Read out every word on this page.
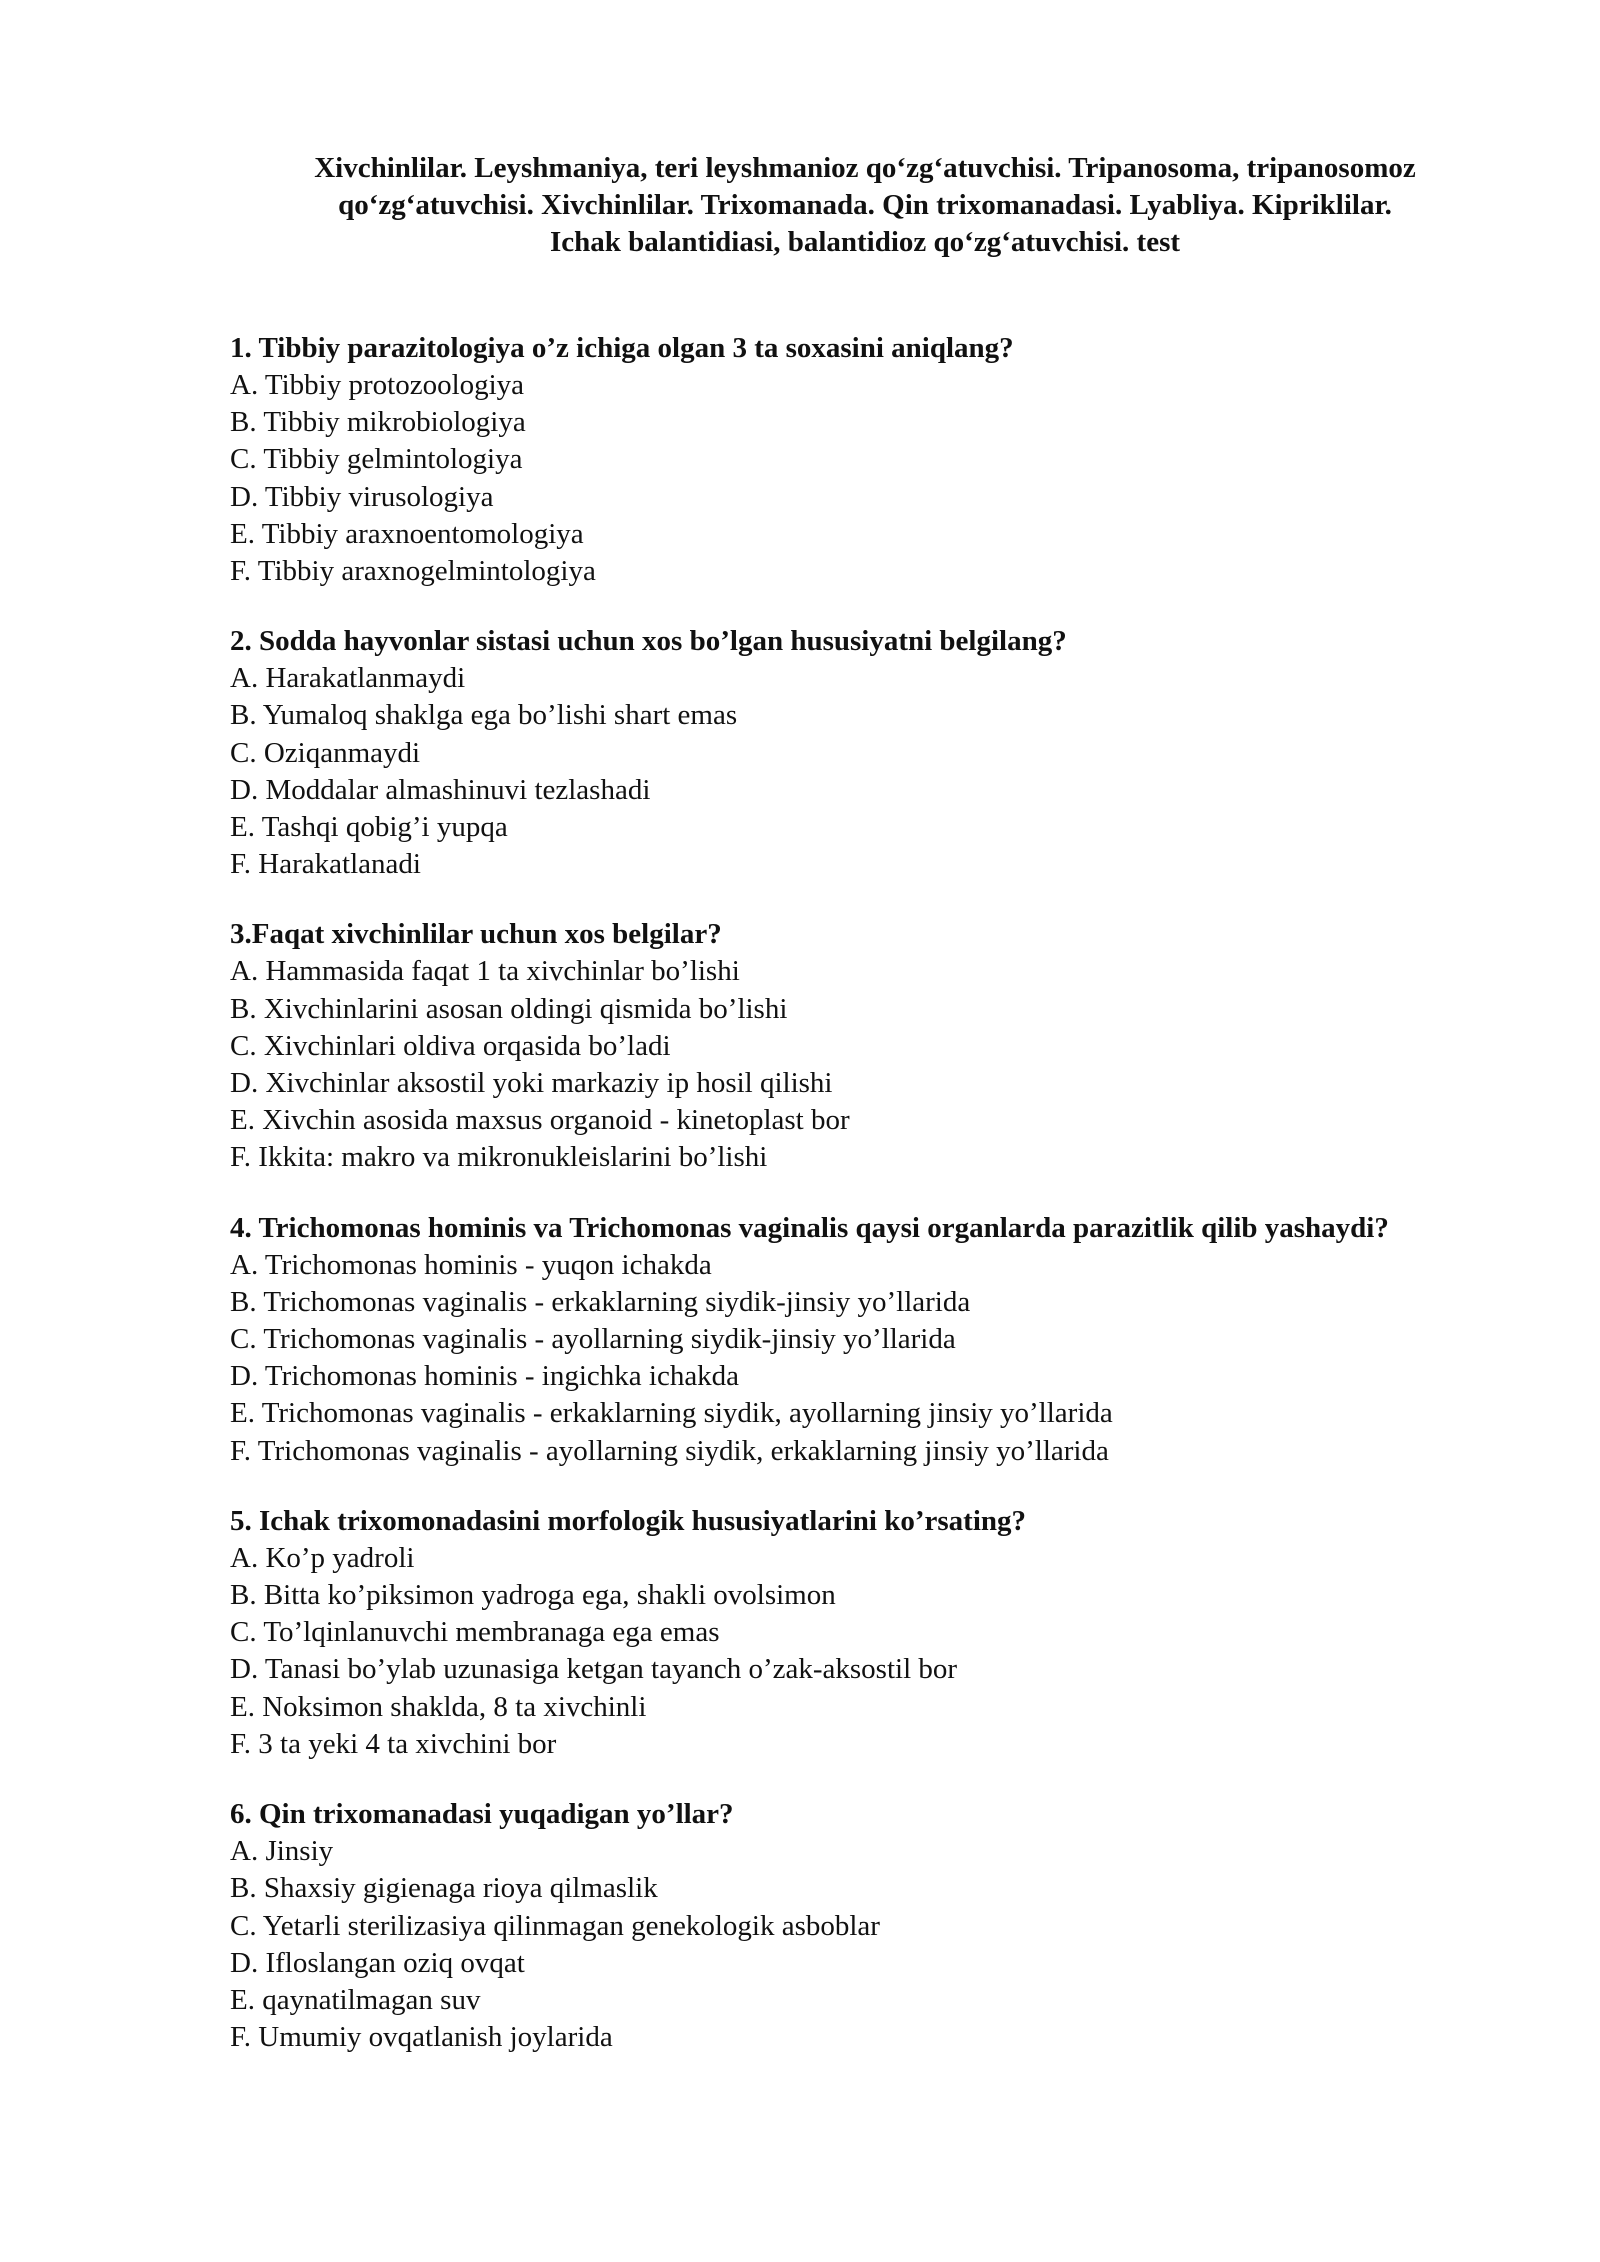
Xivchinlilar. Leyshmaniya, teri leyshmanioz qo‘zg‘atuvchisi. Tripanosoma, tripanosomoz
qo‘zg‘atuvchisi. Xivchinlilar. Trixomanada. Qin trixomanadasi. Lyabliya. Kipriklilar.
Ichak balantidiasi, balantidioz qo‘zg‘atuvchisi. test

1. Tibbiy parazitologiya o’z ichiga olgan 3 ta soxasini aniqlang?

A. Tibbiy protozoologiya
B. Tibbiy mikrobiologiya
C. Tibbiy gelmintologiya
D. Tibbiy virusologiya
E. Tibbiy araxnoentomologiya
F. Tibbiy araxnogelmintologiya

2. Sodda hayvonlar sistasi uchun xos bo’lgan hususiyatni belgilang?

A. Harakatlanmaydi
B. Yumaloq shaklga ega bo’lishi shart emas
C. Oziqanmaydi
D. Moddalar almashinuvi tezlashadi
E. Tashqi qobig’i yupqa
F. Harakatlanadi

3.Faqat xivchinlilar uchun xos belgilar?

A. Hammasida faqat 1 ta xivchinlar bo’lishi
B. Xivchinlarini asosan oldingi qismida bo’lishi
C. Xivchinlari oldiva orqasida bo’ladi
D. Xivchinlar aksostil yoki markaziy ip hosil qilishi
E. Xivchin asosida maxsus organoid - kinetoplast bor
F. Ikkita: makro va mikronukleislarini bo’lishi

4. Trichomonas hominis va Trichomonas vaginalis qaysi organlarda parazitlik qilib yashaydi?

A. Trichomonas hominis - yuqon ichakda
B. Trichomonas vaginalis - erkaklarning siydik-jinsiy yo’llarida
C. Trichomonas vaginalis - ayollarning siydik-jinsiy yo’llarida
D. Trichomonas hominis - ingichka ichakda
E. Trichomonas vaginalis - erkaklarning siydik, ayollarning jinsiy yo’llarida
F. Trichomonas vaginalis - ayollarning siydik, erkaklarning jinsiy yo’llarida

5. Ichak trixomonadasini morfologik hususiyatlarini ko’rsating?

A. Ko’p yadroli
B. Bitta ko’piksimon yadroga ega, shakli ovolsimon
C. To’lqinlanuvchi membranaga ega emas
D. Tanasi bo’ylab uzunasiga ketgan tayanch o’zak-aksostil bor
E. Noksimon shaklda, 8 ta xivchinli
F. 3 ta yeki 4 ta xivchini bor

6. Qin trixomanadasi yuqadigan yo’llar?

A. Jinsiy
B. Shaxsiy gigienaga rioya qilmaslik
C. Yetarli sterilizasiya qilinmagan genekologik asboblar
D. Ifloslangan oziq ovqat
E. qaynatilmagan suv
F. Umumiy ovqatlanish joylarida
